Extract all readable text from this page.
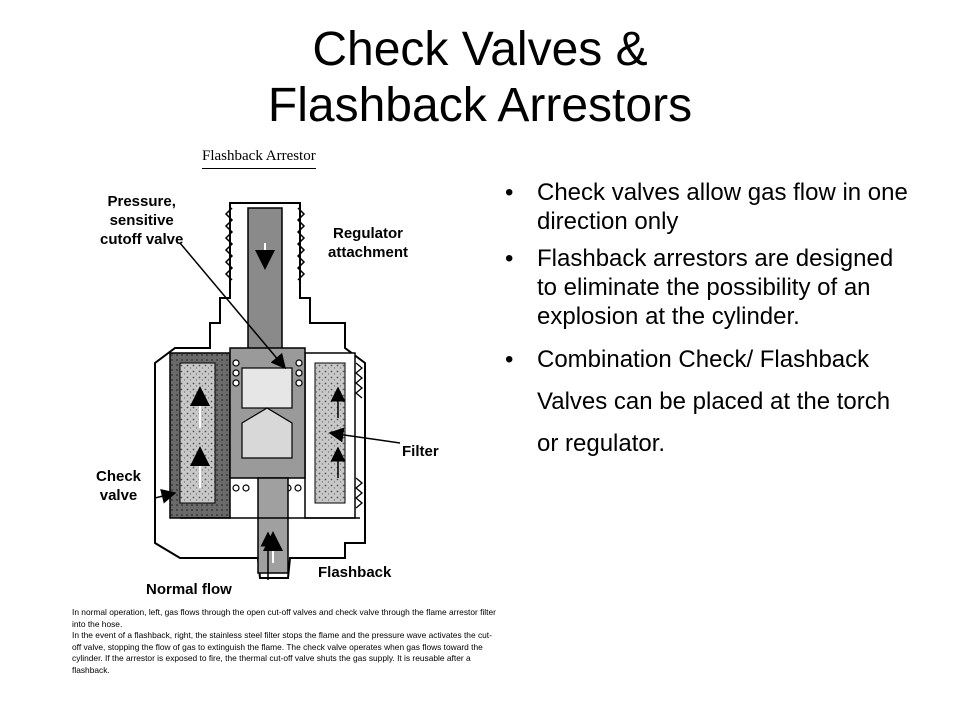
Check Valves &
Flashback Arrestors
Flashback Arrestor
Pressure,
sensitive
cutoff valve	Regulator
attachment
Filter
Check
valve
Flashback
Normal flow

In normal operation, left, gas flows through the open cut-off valves and check valve through the flame arrestor filter into the hose.

In the event of a flashback, right, the stainless steel filter stops the flame and the pressure wave activates the cut-off valve, stopping the flow of gas to extinguish the flame. The check valve operates when gas flows toward the cylinder. If the arrestor is exposed to fire, the thermal cut-off valve shuts the gas supply. It is reusable after a flashback.

• Check valves allow gas flow in one direction only
• Flashback arrestors are designed to eliminate the possibility of an explosion at the cylinder.
• Combination Check/ Flashback Valves can be placed at the torch or regulator.
